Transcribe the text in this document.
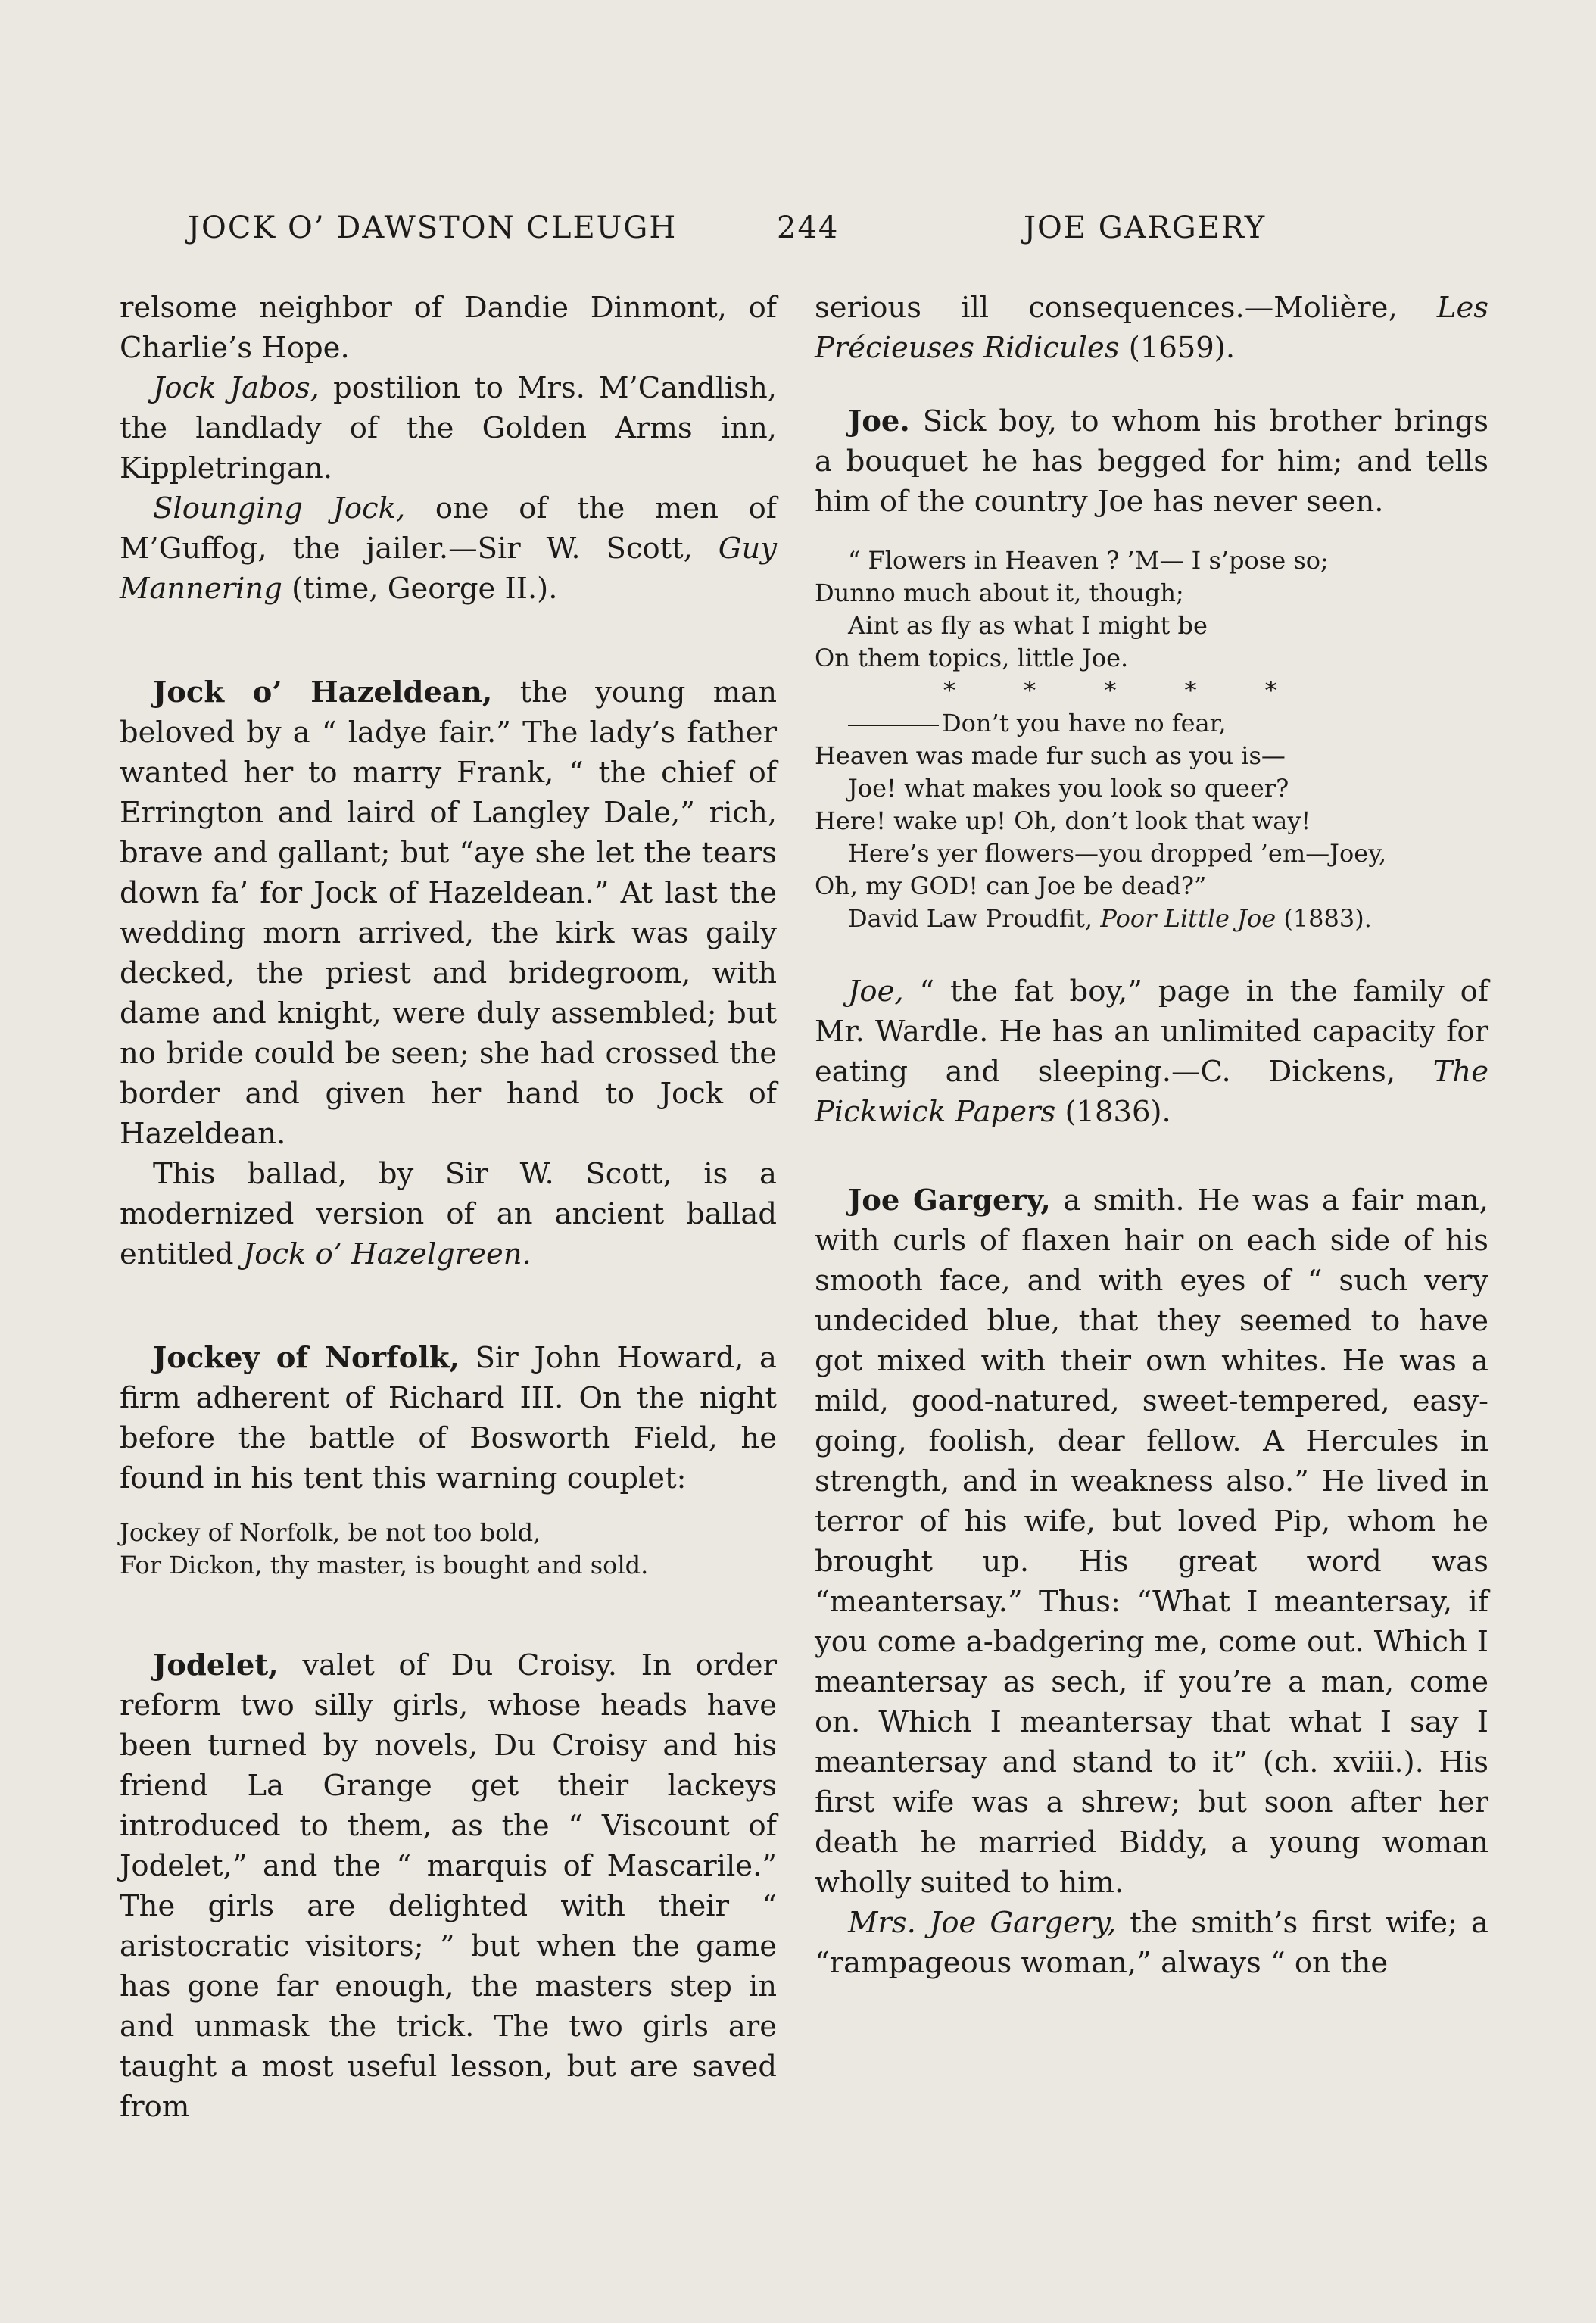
JOCK O’ DAWSTON CLEUGH	244	JOE GARGERY

relsome neighbor of Dandie Dinmont, of Charlie’s Hope.

Jock Jabos, postilion to Mrs. M’Candlish, the landlady of the Golden Arms inn, Kippletringan.

Slounging Jock, one of the men of M’Guffog, the jailer.—Sir W. Scott, Guy Mannering (time, George II.).

Jock o’ Hazeldean, the young man beloved by a “ ladye fair.” The lady’s father wanted her to marry Frank, “ the chief of Errington and laird of Langley Dale,” rich, brave and gallant; but “aye she let the tears down fa’ for Jock of Hazeldean.” At last the wedding morn arrived, the kirk was gaily decked, the priest and bridegroom, with dame and knight, were duly assembled; but no bride could be seen; she had crossed the border and given her hand to Jock of Hazeldean.

This ballad, by Sir W. Scott, is a modernized version of an ancient ballad entitled Jock o’ Hazelgreen.

Jockey of Norfolk, Sir John Howard, a firm adherent of Richard III. On the night before the battle of Bosworth Field, he found in his tent this warning couplet:

Jockey of Norfolk, be not too bold,
For Dickon, thy master, is bought and sold.

Jodelet, valet of Du Croisy. In order reform two silly girls, whose heads have been turned by novels, Du Croisy and his friend La Grange get their lackeys introduced to them, as the “ Viscount of Jodelet,” and the “ marquis of Mascarile.” The girls are delighted with their “ aristocratic visitors; ” but when the game has gone far enough, the masters step in and unmask the trick. The two girls are taught a most useful lesson, but are saved from

serious ill consequences.—Molière, Les Précieuses Ridicules (1659).

Joe. Sick boy, to whom his brother brings a bouquet he has begged for him; and tells him of the country Joe has never seen.

“ Flowers in Heaven ? ’M— I s’pose so;
Dunno much about it, though;
Aint as fly as what I might be
On them topics, little Joe.
* * * * *
Don’t you have no fear,
Heaven was made fur such as you is—
Joe! what makes you look so queer?
Here! wake up! Oh, don’t look that way!
Here’s yer flowers—you dropped ’em—Joey,
Oh, my GOD! can Joe be dead?”
David Law Proudfit, Poor Little Joe (1883).

Joe, “ the fat boy,” page in the family of Mr. Wardle. He has an unlimited capacity for eating and sleeping.—C. Dickens, The Pickwick Papers (1836).

Joe Gargery, a smith. He was a fair man, with curls of flaxen hair on each side of his smooth face, and with eyes of “ such very undecided blue, that they seemed to have got mixed with their own whites. He was a mild, good-natured, sweet-tempered, easy-going, foolish, dear fellow. A Hercules in strength, and in weakness also.” He lived in terror of his wife, but loved Pip, whom he brought up. His great word was “meantersay.” Thus: “What I meantersay, if you come a-badgering me, come out. Which I meantersay as sech, if you’re a man, come on. Which I meantersay that what I say I meantersay and stand to it” (ch. xviii.). His first wife was a shrew; but soon after her death he married Biddy, a young woman wholly suited to him.

Mrs. Joe Gargery, the smith’s first wife; a “rampageous woman,” always “ on the
